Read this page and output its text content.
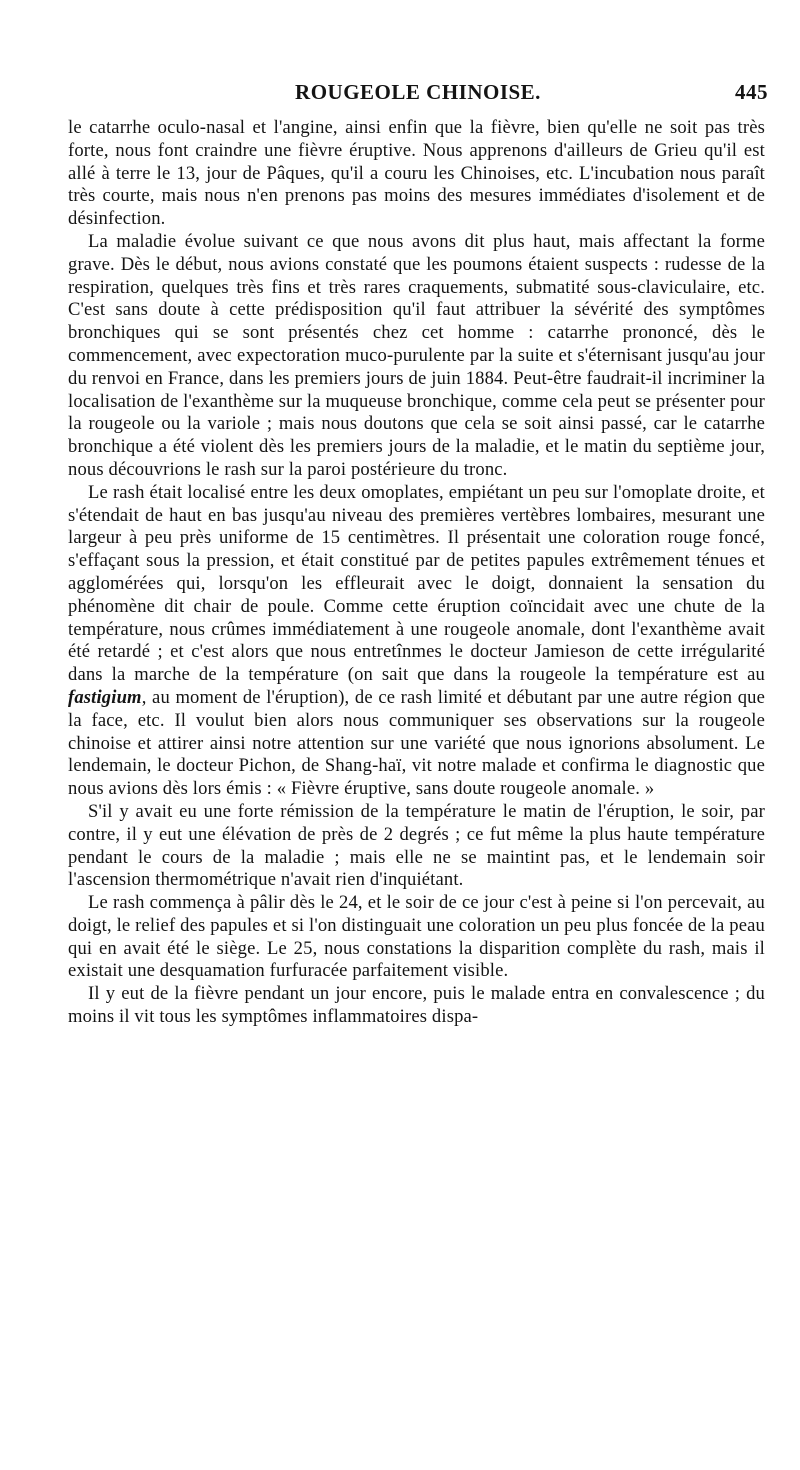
ROUGEOLE CHINOISE.	445

le catarrhe oculo-nasal et l'angine, ainsi enfin que la fièvre, bien qu'elle ne soit pas très forte, nous font craindre une fièvre éruptive. Nous apprenons d'ailleurs de Grieu qu'il est allé à terre le 13, jour de Pâques, qu'il a couru les Chinoises, etc. L'incubation nous paraît très courte, mais nous n'en prenons pas moins des mesures immédiates d'isolement et de désinfection.

La maladie évolue suivant ce que nous avons dit plus haut, mais affectant la forme grave. Dès le début, nous avions constaté que les poumons étaient suspects : rudesse de la respiration, quelques très fins et très rares craquements, submatité sous-claviculaire, etc. C'est sans doute à cette prédisposition qu'il faut attribuer la sévérité des symptômes bronchiques qui se sont présentés chez cet homme : catarrhe prononcé, dès le commencement, avec expectoration muco-purulente par la suite et s'éternisant jusqu'au jour du renvoi en France, dans les premiers jours de juin 1884. Peut-être faudrait-il incriminer la localisation de l'exanthème sur la muqueuse bronchique, comme cela peut se présenter pour la rougeole ou la variole ; mais nous doutons que cela se soit ainsi passé, car le catarrhe bronchique a été violent dès les premiers jours de la maladie, et le matin du septième jour, nous découvrions le rash sur la paroi postérieure du tronc.

Le rash était localisé entre les deux omoplates, empiétant un peu sur l'omoplate droite, et s'étendait de haut en bas jusqu'au niveau des premières vertèbres lombaires, mesurant une largeur à peu près uniforme de 15 centimètres. Il présentait une coloration rouge foncé, s'effaçant sous la pression, et était constitué par de petites papules extrêmement ténues et agglomérées qui, lorsqu'on les effleurait avec le doigt, donnaient la sensation du phénomène dit chair de poule. Comme cette éruption coïncidait avec une chute de la température, nous crûmes immédiatement à une rougeole anomale, dont l'exanthème avait été retardé ; et c'est alors que nous entretînmes le docteur Jamieson de cette irrégularité dans la marche de la température (on sait que dans la rougeole la température est au fastigium, au moment de l'éruption), de ce rash limité et débutant par une autre région que la face, etc. Il voulut bien alors nous communiquer ses observations sur la rougeole chinoise et attirer ainsi notre attention sur une variété que nous ignorions absolument. Le lendemain, le docteur Pichon, de Shang-haï, vit notre malade et confirma le diagnostic que nous avions dès lors émis : « Fièvre éruptive, sans doute rougeole anomale. »

S'il y avait eu une forte rémission de la température le matin de l'éruption, le soir, par contre, il y eut une élévation de près de 2 degrés ; ce fut même la plus haute température pendant le cours de la maladie ; mais elle ne se maintint pas, et le lendemain soir l'ascension thermométrique n'avait rien d'inquiétant.

Le rash commença à pâlir dès le 24, et le soir de ce jour c'est à peine si l'on percevait, au doigt, le relief des papules et si l'on distinguait une coloration un peu plus foncée de la peau qui en avait été le siège. Le 25, nous constations la disparition complète du rash, mais il existait une desquamation furfuracée parfaitement visible.

Il y eut de la fièvre pendant un jour encore, puis le malade entra en convalescence ; du moins il vit tous les symptômes inflammatoires dispa-
